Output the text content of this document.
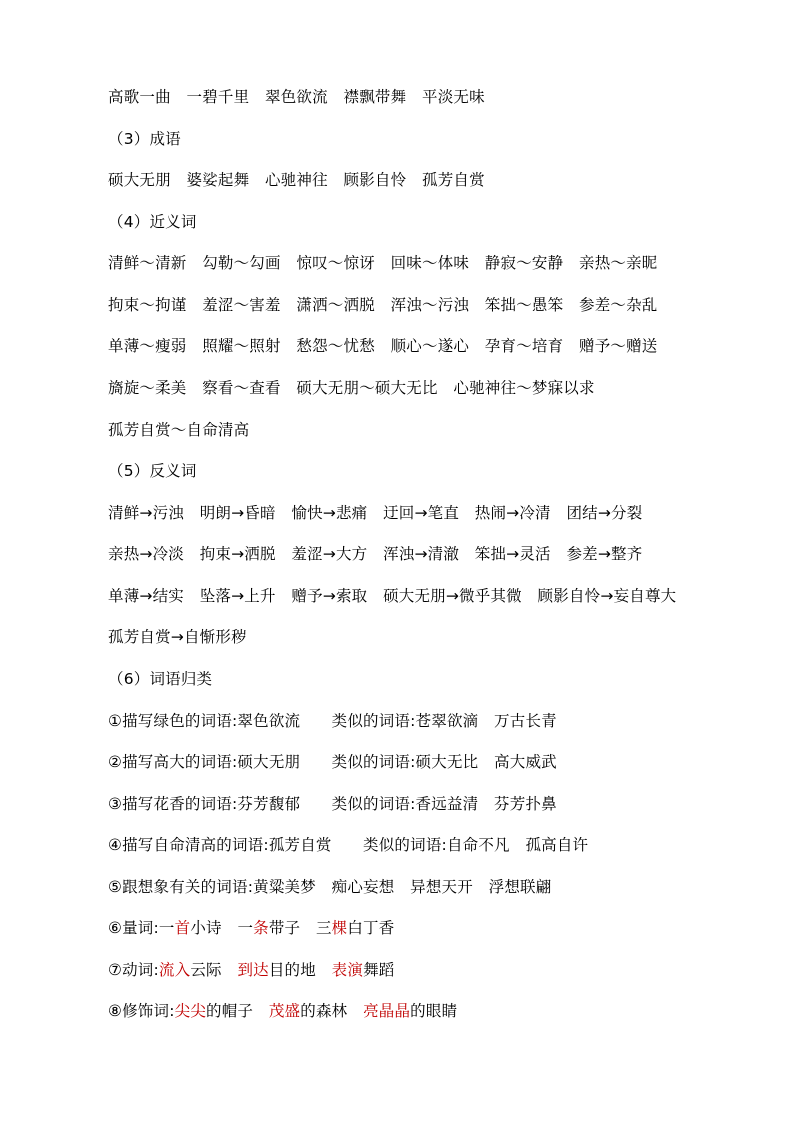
高歌一曲　一碧千里　翠色欲流　襟飘带舞　平淡无味
（3）成语
硕大无朋　婆娑起舞　心驰神往　顾影自怜　孤芳自赏
（4）近义词
清鲜～清新　勾勒～勾画　惊叹～惊讶　回味～体味　静寂～安静　亲热～亲昵
拘束～拘谨　羞涩～害羞　潇洒～洒脱　浑浊～污浊　笨拙～愚笨　参差～杂乱
单薄～瘦弱　照耀～照射　愁怨～忧愁　顺心～遂心　孕育～培育　赠予～赠送
旖旋～柔美　察看～查看　硕大无朋～硕大无比　心驰神往～梦寐以求
孤芳自赏～自命清高
（5）反义词
清鲜→污浊　明朗→昏暗　愉快→悲痛　迂回→笔直　热闹→冷清　团结→分裂
亲热→冷淡　拘束→洒脱　羞涩→大方　浑浊→清澈　笨拙→灵活　参差→整齐
单薄→结实　坠落→上升　赠予→索取　硕大无朋→微乎其微　顾影自怜→妄自尊大
孤芳自赏→自惭形秽
（6）词语归类
①描写绿色的词语:翠色欲流　　类似的词语:苍翠欲滴　万古长青
②描写高大的词语:硕大无朋　　类似的词语:硕大无比　高大威武
③描写花香的词语:芬芳馥郁　　类似的词语:香远益清　芬芳扑鼻
④描写自命清高的词语:孤芳自赏　　类似的词语:自命不凡　孤高自许
⑤跟想象有关的词语:黄粱美梦　痴心妄想　异想天开　浮想联翩
⑥量词:一首小诗　 一条带子　 三棵白丁香
⑦动词:流入云际　 到达目的地　 表演舞蹈
⑧修饰词:尖尖的帽子　 茂盛的森林　 亮晶晶的眼睛
